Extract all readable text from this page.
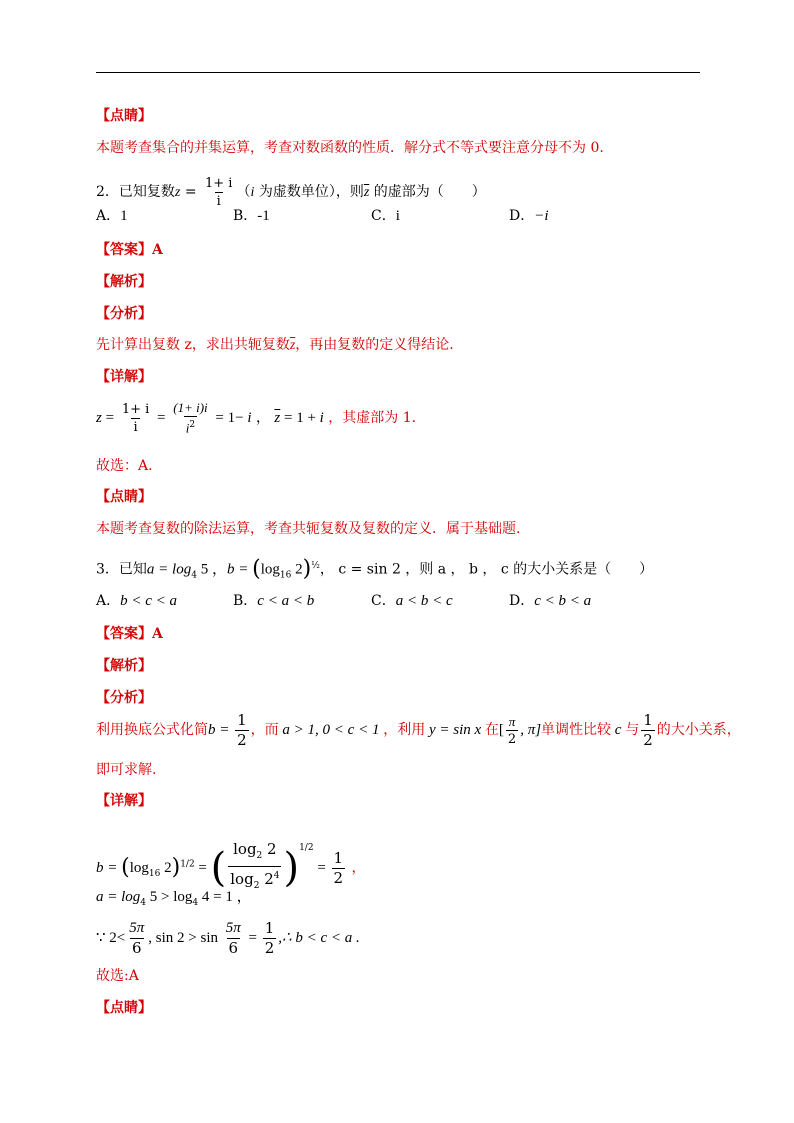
【点睛】
本题考查集合的并集运算，考查对数函数的性质．解分式不等式要注意分母不为 0.
2．已知复数$z = \frac{1+ i}{i} (i$ 为虚数单位），则$\overline{z}$ 的虚部为（　　）
A．1	B．-1	C．i	D．−i
【答案】A
【解析】
【分析】
先计算出复数 z，求出共轭复数$\overline{z}$，再由复数的定义得结论.
【详解】
$z = \frac{1+ i}{i} = \frac{(1+ i)i}{i^2} = 1- i$ ， $\overline{z} = 1 + i$ ，其虚部为 1.
故选：A.
【点睛】
本题考查复数的除法运算，考查共轭复数及复数的定义．属于基础题.
3．已知$a = \log_4 5$ ，$b = (\log_{16}$ 2)$^{\frac{1}{2}}$， c = sin 2 ，则 a ， b ， c 的大小关系是（　　）
A．b < c < a	B．c < a < b	C．a < b < c	D．c < b < a
【答案】A
【解析】
【分析】
利用换底公式化简$b = \frac{1}{2}$ ，而 a > 1, 0 < c < 1 ，利用 y = sin x 在[ $\frac{\pi}{2}$ , π]单调性比较 c 与 $\frac{1}{2}$ 的大小关系，
即可求解.
【详解】
$b = (\log_{16}$ 2)$^{1/2}$ = ( $\frac{\log_2 2}{\log_2 2^4} )^{1/2} = \frac{1}{2}$ ，
$a = \log_4 5 > \log_4 4 = 1$ ，
∵ $2< \frac{5\pi}{6}$ , $\sin 2 > \sin \frac{5\pi}{6} = \frac{1}{2}$ ,∴ b < c < a .
故选:A
【点睛】
